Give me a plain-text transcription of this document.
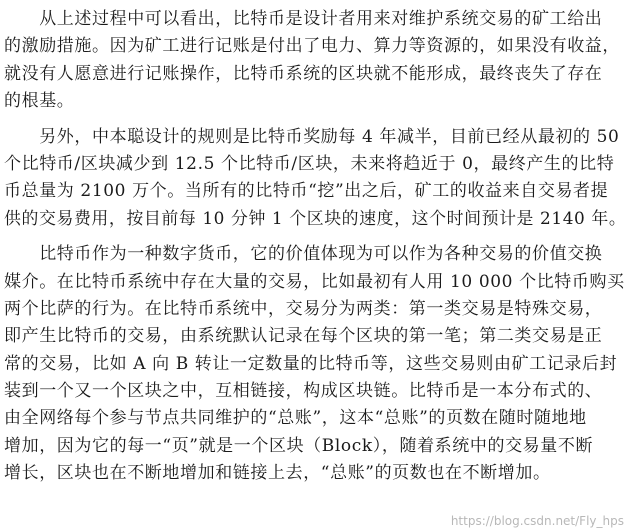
　　从上述过程中可以看出，比特币是设计者用来对维护系统交易的矿工给出
的激励措施。因为矿工进行记账是付出了电力、算力等资源的，如果没有收益，
就没有人愿意进行记账操作，比特币系统的区块就不能形成，最终丧失了存在
的根基。
　　另外，中本聪设计的规则是比特币奖励每 4 年减半，目前已经从最初的 50
个比特币/区块减少到 12.5 个比特币/区块，未来将趋近于 0，最终产生的比特
币总量为 2100 万个。当所有的比特币“挖”出之后，矿工的收益来自交易者提
供的交易费用，按目前每 10 分钟 1 个区块的速度，这个时间预计是 2140 年。
　　比特币作为一种数字货币，它的价值体现为可以作为各种交易的价值交换
媒介。在比特币系统中存在大量的交易，比如最初有人用 10 000 个比特币购买
两个比萨的行为。在比特币系统中，交易分为两类：第一类交易是特殊交易，
即产生比特币的交易，由系统默认记录在每个区块的第一笔；第二类交易是正
常的交易，比如 A 向 B 转让一定数量的比特币等，这些交易则由矿工记录后封
装到一个又一个区块之中，互相链接，构成区块链。比特币是一本分布式的、
由全网络每个参与节点共同维护的“总账”，这本“总账”的页数在随时随地地
增加，因为它的每一“页”就是一个区块（Block），随着系统中的交易量不断
增长，区块也在不断地增加和链接上去，“总账”的页数也在不断增加。
https://blog.csdn.net/Fly_hps
